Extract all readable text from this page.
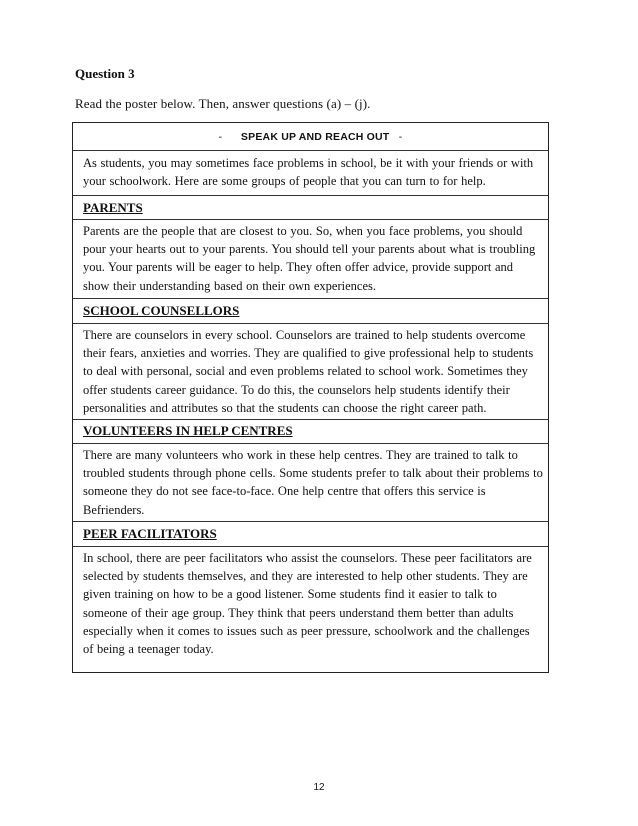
Question 3
Read the poster below. Then, answer questions (a) – (j).
- SPEAK UP AND REACH OUT -
As students, you may sometimes face problems in school, be it with your friends or with your schoolwork. Here are some groups of people that you can turn to for help.
PARENTS
Parents are the people that are closest to you. So, when you face problems, you should pour your hearts out to your parents. You should tell your parents about what is troubling you. Your parents will be eager to help. They often offer advice, provide support and show their understanding based on their own experiences.
SCHOOL COUNSELLORS
There are counselors in every school. Counselors are trained to help students overcome their fears, anxieties and worries. They are qualified to give professional help to students to deal with personal, social and even problems related to school work. Sometimes they offer students career guidance. To do this, the counselors help students identify their personalities and attributes so that the students can choose the right career path.
VOLUNTEERS IN HELP CENTRES
There are many volunteers who work in these help centres. They are trained to talk to troubled students through phone cells. Some students prefer to talk about their problems to someone they do not see face-to-face. One help centre that offers this service is Befrienders.
PEER FACILITATORS
In school, there are peer facilitators who assist the counselors. These peer facilitators are selected by students themselves, and they are interested to help other students. They are given training on how to be a good listener. Some students find it easier to talk to someone of their age group. They think that peers understand them better than adults especially when it comes to issues such as peer pressure, schoolwork and the challenges of being a teenager today.
12
